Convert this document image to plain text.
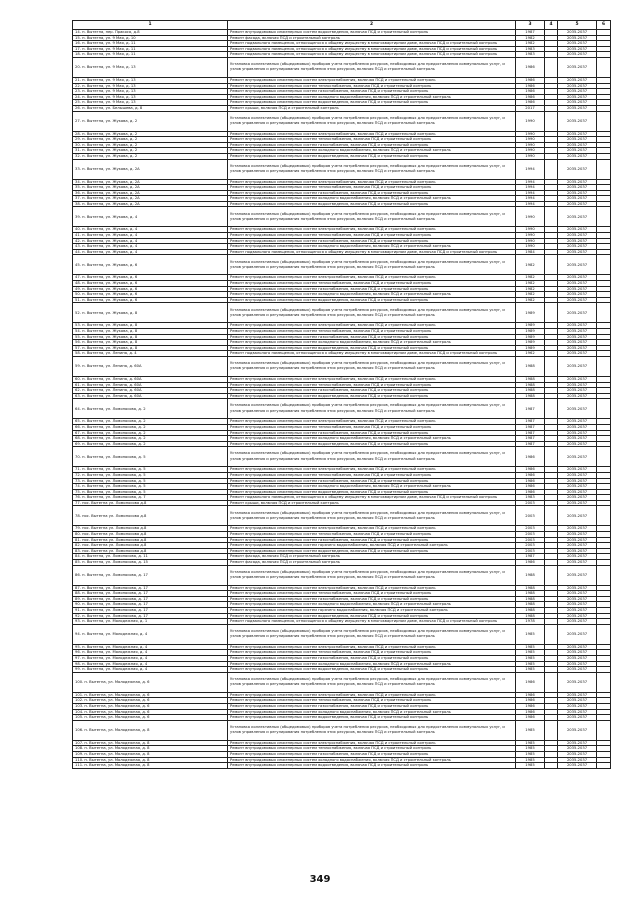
1	2	3	4	5	6
14. п. Вытегна, пер. Пракоса, д.8	Ремонт внутридомовых инженерных систем водоотведения, включая ПСД и строительный контроль	1987		2035-2037	
15. п. Вытегна, ул. 9 Мая, д. 10	Ремонт фасада, включая ПСД и строительный контроль	1982		2035-2037	
16. п. Вытегна, ул. 9 Мая, д. 11	Ремонт подвального помещения, относящегося к общему имуществу в многоквартирном доме, включая ПСД и строительный контроль	1982		2035-2037	
17. п. Вытегна, ул. 9 Мая, д. 11	Ремонт подвального помещения, относящегося к общему имуществу в многоквартирном доме, включая ПСД и строительный контроль	1983		2035-2037	
18. п. Вытегна, ул. 9 Мая, д. 11	Ремонт подвального помещения, относящегося к общему имуществу в многоквартирном доме, включая ПСД и строительный контроль	1983		2035-2037	
20. п. Вытегна, ул. 9 Мая, д. 13	Установка коллективных (общедомовых) приборов учета потребления ресурсов, необходимых для предоставления коммунальных услуг, и узлов управления и регулирования потребления этих ресурсов, включая ПСД и строительный контроль	1986		2035-2037	
21. п. Вытегна, ул. 9 Мая, д. 13	Ремонт внутридомовых инженерных систем электроснабжения, включая ПСД и строительный контроль	1986		2035-2037	
22. п. Вытегна, ул. 9 Мая, д. 13	Ремонт внутридомовых инженерных систем теплоснабжения, включая ПСД и строительный контроль	1986		2035-2037	
23. п. Вытегна, ул. 9 Мая, д. 13	Ремонт внутридомовых инженерных систем газоснабжения, включая ПСД и строительный контроль	1986		2035-2037	
24. п. Вытегна, ул. 9 Мая, д. 13	Ремонт внутридомовых инженерных систем холодного водоснабжения, включая ПСД и строительный контроль	1986		2035-2037	
25. п. Вытегна, ул. 9 Мая, д. 13	Ремонт внутридомовых инженерных систем водоотведения, включая ПСД и строительный контроль	1986		2035-2037	
26. п. Вытегна, ул. Белышева, д. 8	Ремонт крыши, включая ПСД и строительный контроль	2017		2035-2037	
27. п. Вытегна, ул. Жукова, д. 2	Установка коллективных (общедомовых) приборов учета потребления ресурсов, необходимых для предоставления коммунальных услуг, и узлов управления и регулирования потребления этих ресурсов, включая ПСД и строительный контроль	1990		2035-2037	
28. п. Вытегна, ул. Жукова, д. 2	Ремонт внутридомовых инженерных систем электроснабжения, включая ПСД и строительный контроль	1990		2035-2037	
29. п. Вытегна, ул. Жукова, д. 2	Ремонт внутридомовых инженерных систем теплоснабжения, включая ПСД и строительный контроль	1990		2035-2037	
30. п. Вытегна, ул. Жукова, д. 2	Ремонт внутридомовых инженерных систем газоснабжения, включая ПСД и строительный контроль	1990		2035-2037	
31. п. Вытегна, ул. Жукова, д. 2	Ремонт внутридомовых инженерных систем холодного водоснабжения, включая ПСД и строительный контроль	1990		2035-2037	
32. п. Вытегна, ул. Жукова, д. 2	Ремонт внутридомовых инженерных систем водоотведения, включая ПСД и строительный контроль	1990		2035-2037	
33. п. Вытегна, ул. Жукова, д. 2А	Установка коллективных (общедомовых) приборов учета потребления ресурсов, необходимых для предоставления коммунальных услуг, и узлов управления и регулирования потребления этих ресурсов, включая ПСД и строительный контроль	1994		2035-2037	
34. п. Вытегна, ул. Жукова, д. 2А	Ремонт внутридомовых инженерных систем электроснабжения, включая ПСД и строительный контроль	1994		2035-2037	
35. п. Вытегна, ул. Жукова, д. 2А	Ремонт внутридомовых инженерных систем теплоснабжения, включая ПСД и строительный контроль	1994		2035-2037	
36. п. Вытегна, ул. Жукова, д. 2А	Ремонт внутридомовых инженерных систем газоснабжения, включая ПСД и строительный контроль	1994		2035-2037	
37. п. Вытегна, ул. Жукова, д. 2А	Ремонт внутридомовых инженерных систем холодного водоснабжения, включая ПСД и строительный контроль	1994		2035-2037	
38. п. Вытегна, ул. Жукова, д. 2А	Ремонт внутридомовых инженерных систем водоотведения, включая ПСД и строительный контроль	1994		2035-2037	
39. п. Вытегна, ул. Жукова, д. 4	Установка коллективных (общедомовых) приборов учета потребления ресурсов, необходимых для предоставления коммунальных услуг, и узлов управления и регулирования потребления этих ресурсов, включая ПСД и строительный контроль	1990		2035-2037	
40. п. Вытегна, ул. Жукова, д. 4	Ремонт внутридомовых инженерных систем электроснабжения, включая ПСД и строительный контроль	1990		2035-2037	
41. п. Вытегна, ул. Жукова, д. 4	Ремонт внутридомовых инженерных систем теплоснабжения, включая ПСД и строительный контроль	1990		2035-2037	
42. п. Вытегна, ул. Жукова, д. 4	Ремонт внутридомовых инженерных систем газоснабжения, включая ПСД и строительный контроль	1990		2035-2037	
43. п. Вытегна, ул. Жукова, д. 4	Ремонт внутридомовых инженерных систем холодного водоснабжения, включая ПСД и строительный контроль	1990		2035-2037	
44. п. Вытегна, ул. Жукова, д. 4	Ремонт подвального помещения, относящегося к общему имуществу в многоквартирном доме, включая ПСД и строительный контроль	1984		2035-2037	
45. п. Вытегна, ул. Жукова, д. 6	Установка коллективных (общедомовых) приборов учета потребления ресурсов, необходимых для предоставления коммунальных услуг, и узлов управления и регулирования потребления этих ресурсов, включая ПСД и строительный контроль	1982		2035-2037	
47. п. Вытегна, ул. Жукова, д. 6	Ремонт внутридомовых инженерных систем электроснабжения, включая ПСД и строительный контроль	1982		2035-2037	
48. п. Вытегна, ул. Жукова, д. 6	Ремонт внутридомовых инженерных систем теплоснабжения, включая ПСД и строительный контроль	1982		2035-2037	
49. п. Вытегна, ул. Жукова, д. 6	Ремонт внутридомовых инженерных систем газоснабжения, включая ПСД и строительный контроль	1982		2035-2037	
50. п. Вытегна, ул. Жукова, д. 6	Ремонт внутридомовых инженерных систем холодного водоснабжения, включая ПСД и строительный контроль	1982		2035-2037	
51. п. Вытегна, ул. Жукова, д. 6	Ремонт внутридомовых инженерных систем водоотведения, включая ПСД и строительный контроль	1982		2035-2037	
52. п. Вытегна, ул. Жукова, д. 8	Установка коллективных (общедомовых) приборов учета потребления ресурсов, необходимых для предоставления коммунальных услуг, и узлов управления и регулирования потребления этих ресурсов, включая ПСД и строительный контроль	1989		2035-2037	
53. п. Вытегна, ул. Жукова, д. 8	Ремонт внутридомовых инженерных систем электроснабжения, включая ПСД и строительный контроль	1989		2035-2037	
54. п. Вытегна, ул. Жукова, д. 8	Ремонт внутридомовых инженерных систем теплоснабжения, включая ПСД и строительный контроль	1989		2035-2037	
55. п. Вытегна, ул. Жукова, д. 8	Ремонт внутридомовых инженерных систем газоснабжения, включая ПСД и строительный контроль	1989		2035-2037	
56. п. Вытегна, ул. Жукова, д. 8	Ремонт внутридомовых инженерных систем холодного водоснабжения, включая ПСД и строительный контроль	1989		2035-2037	
57. п. Вытегна, ул. Жукова, д. 8	Ремонт внутридомовых инженерных систем водоотведения, включая ПСД и строительный контроль	1989		2035-2037	
58. п. Вытегна, ул. Ленина, д. 4	Ремонт подвального помещения, относящегося к общему имуществу в многоквартирном доме, включая ПСД и строительный контроль	1962		2035-2037	
59. п. Вытегна, ул. Ленина, д. 60А	Установка коллективных (общедомовых) приборов учета потребления ресурсов, необходимых для предоставления коммунальных услуг, и узлов управления и регулирования потребления этих ресурсов, включая ПСД и строительный контроль	1988		2035-2037	
60. п. Вытегна, ул. Ленина, д. 60А	Ремонт внутридомовых инженерных систем электроснабжения, включая ПСД и строительный контроль	1988		2035-2037	
61. п. Вытегна, ул. Ленина, д. 60А	Ремонт внутридомовых инженерных систем теплоснабжения, включая ПСД и строительный контроль	1988		2035-2037	
62. п. Вытегна, ул. Ленина, д. 60А	Ремонт внутридомовых инженерных систем газоснабжения, включая ПСД и строительный контроль	1988		2035-2037	
63. п. Вытегна, ул. Ленина, д. 60А	Ремонт внутридомовых инженерных систем водоотведения, включая ПСД и строительный контроль	1988		2035-2037	
64. п. Вытегна, ул. Ломоносова, д. 2	Установка коллективных (общедомовых) приборов учета потребления ресурсов, необходимых для предоставления коммунальных услуг, и узлов управления и регулирования потребления этих ресурсов, включая ПСД и строительный контроль	1987		2035-2037	
65. п. Вытегна, ул. Ломоносова, д. 2	Ремонт внутридомовых инженерных систем электроснабжения, включая ПСД и строительный контроль	1987		2035-2037	
66. п. Вытегна, ул. Ломоносова, д. 2	Ремонт внутридомовых инженерных систем теплоснабжения, включая ПСД и строительный контроль	1987		2035-2037	
67. п. Вытегна, ул. Ломоносова, д. 2	Ремонт внутридомовых инженерных систем газоснабжения, включая ПСД и строительный контроль	1987		2035-2037	
68. п. Вытегна, ул. Ломоносова, д. 2	Ремонт внутридомовых инженерных систем холодного водоснабжения, включая ПСД и строительный контроль	1987		2035-2037	
69. п. Вытегна, ул. Ломоносова, д. 2	Ремонт внутридомовых инженерных систем водоотведения, включая ПСД и строительный контроль	1987		2035-2037	
70. п. Вытегна, ул. Ломоносова, д. 5	Установка коллективных (общедомовых) приборов учета потребления ресурсов, необходимых для предоставления коммунальных услуг, и узлов управления и регулирования потребления этих ресурсов, включая ПСД и строительный контроль	1986		2035-2037	
71. п. Вытегна, ул. Ломоносова, д. 5	Ремонт внутридомовых инженерных систем электроснабжения, включая ПСД и строительный контроль	1986		2035-2037	
72. п. Вытегна, ул. Ломоносова, д. 5	Ремонт внутридомовых инженерных систем теплоснабжения, включая ПСД и строительный контроль	1986		2035-2037	
73. п. Вытегна, ул. Ломоносова, д. 5	Ремонт внутридомовых инженерных систем газоснабжения, включая ПСД и строительный контроль	1986		2035-2037	
74. п. Вытегна, ул. Ломоносова, д. 5	Ремонт внутридомовых инженерных систем холодного водоснабжения, включая ПСД и строительный контроль	1986		2035-2037	
75. п. Вытегна, ул. Ломоносова, д. 5	Ремонт внутридомовых инженерных систем водоотведения, включая ПСД и строительный контроль	1986		2035-2037	
76. п. Вытегна, ул. Ломоносова, д. 7	Ремонт подвального помещения, относящегося к общему имуществу в многоквартирном доме, включая ПСД и строительный контроль	1983		2035-2037	
77. пос. Вытегна ул. Ломоносова д.8	Ремонт крыши, включая ПСД и строительный контроль	2003		2035-2037	
78. пос. Вытегна ул. Ломоносова д.8	Установка коллективных (общедомовых) приборов учета потребления ресурсов, необходимых для предоставления коммунальных услуг, и узлов управления и регулирования потребления этих ресурсов, включая ПСД и строительный контроль	2003		2035-2037	
79. пос. Вытегна ул. Ломоносова д.8	Ремонт внутридомовых инженерных систем электроснабжения, включая ПСД и строительный контроль	2003		2035-2037	
80. пос. Вытегна ул. Ломоносова д.8	Ремонт внутридомовых инженерных систем теплоснабжения, включая ПСД и строительный контроль	2003		2035-2037	
81. пос. Вытегна ул. Ломоносова д.8	Ремонт внутридомовых инженерных систем газоснабжения, включая ПСД и строительный контроль	2003		2035-2037	
82. пос. Вытегна ул. Ломоносова д.8	Ремонт внутридомовых инженерных систем горячего водоснабжения, включая ПСД и строительный контроль	2003		2035-2037	
83. пос. Вытегна ул. Ломоносова д.8	Ремонт внутридомовых инженерных систем водоотведения, включая ПСД и строительный контроль	2003		2035-2037	
84. п. Вытегна, ул. Ломоносова, д. 11	Ремонт фасада, включая ПСД и строительный контроль	1987		2035-2037	
85. п. Вытегна, ул. Ломоносова, д. 15	Ремонт фасада, включая ПСД и строительный контроль	1986		2035-2037	
86. п. Вытегна, ул. Ломоносова, д. 17	Установка коллективных (общедомовых) приборов учета потребления ресурсов, необходимых для предоставления коммунальных услуг, и узлов управления и регулирования потребления этих ресурсов, включая ПСД и строительный контроль	1988		2035-2037	
87. п. Вытегна, ул. Ломоносова, д. 17	Ремонт внутридомовых инженерных систем электроснабжения, включая ПСД и строительный контроль	1988		2035-2037	
88. п. Вытегна, ул. Ломоносова, д. 17	Ремонт внутридомовых инженерных систем теплоснабжения, включая ПСД и строительный контроль	1988		2035-2037	
89. п. Вытегна, ул. Ломоносова, д. 17	Ремонт внутридомовых инженерных систем газоснабжения, включая ПСД и строительный контроль	1988		2035-2037	
90. п. Вытегна, ул. Ломоносова, д. 17	Ремонт внутридомовых инженерных систем холодного водоснабжения, включая ПСД и строительный контроль	1988		2035-2037	
91. п. Вытегна, ул. Ломоносова, д. 17	Ремонт внутридомовых инженерных систем горячего водоснабжения, включая ПСД и строительный контроль	1988		2035-2037	
92. п. Вытегна, ул. Ломоносова, д. 17	Ремонт внутридомовых инженерных систем водоотведения, включая ПСД и строительный контроль	1988		2035-2037	
93. п. Вытегна, ул. Молодежная, д. 1	Ремонт подвального помещения, относящегося к общему имуществу в многоквартирном доме, включая ПСД и строительный контроль	1978		2035-2037	
94. п. Вытегна, ул. Молодежная, д. 4	Установка коллективных (общедомовых) приборов учета потребления ресурсов, необходимых для предоставления коммунальных услуг, и узлов управления и регулирования потребления этих ресурсов, включая ПСД и строительный контроль	1985		2035-2037	
95. п. Вытегна, ул. Молодежная, д. 4	Ремонт внутридомовых инженерных систем электроснабжения, включая ПСД и строительный контроль	1985		2035-2037	
96. п. Вытегна, ул. Молодежная, д. 4	Ремонт внутридомовых инженерных систем теплоснабжения, включая ПСД и строительный контроль	1985		2035-2037	
97. п. Вытегна, ул. Молодежная, д. 4	Ремонт внутридомовых инженерных систем газоснабжения, включая ПСД и строительный контроль	1985		2035-2037	
98. п. Вытегна, ул. Молодежная, д. 4	Ремонт внутридомовых инженерных систем холодного водоснабжения, включая ПСД и строительный контроль	1985		2035-2037	
99. п. Вытегна, ул. Молодежная, д. 4	Ремонт внутридомовых инженерных систем водоотведения, включая ПСД и строительный контроль	1985		2035-2037	
100. п. Вытегна, ул. Молодежная, д. 6	Установка коллективных (общедомовых) приборов учета потребления ресурсов, необходимых для предоставления коммунальных услуг, и узлов управления и регулирования потребления этих ресурсов, включая ПСД и строительный контроль	1986		2035-2037	
101. п. Вытегна, ул. Молодежная, д. 6	Ремонт внутридомовых инженерных систем электроснабжения, включая ПСД и строительный контроль	1986		2035-2037	
102. п. Вытегна, ул. Молодежная, д. 6	Ремонт внутридомовых инженерных систем теплоснабжения, включая ПСД и строительный контроль	1986		2035-2037	
103. п. Вытегна, ул. Молодежная, д. 6	Ремонт внутридомовых инженерных систем газоснабжения, включая ПСД и строительный контроль	1986		2035-2037	
104. п. Вытегна, ул. Молодежная, д. 6	Ремонт внутридомовых инженерных систем холодного водоснабжения, включая ПСД и строительный контроль	1986		2035-2037	
105. п. Вытегна, ул. Молодежная, д. 6	Ремонт внутридомовых инженерных систем водоотведения, включая ПСД и строительный контроль	1986		2035-2037	
106. п. Вытегна, ул. Молодежная, д. 8	Установка коллективных (общедомовых) приборов учета потребления ресурсов, необходимых для предоставления коммунальных услуг, и узлов управления и регулирования потребления этих ресурсов, включая ПСД и строительный контроль	1985		2035-2037	
107. п. Вытегна, ул. Молодежная, д. 8	Ремонт внутридомовых инженерных систем электроснабжения, включая ПСД и строительный контроль	1985		2035-2037	
108. п. Вытегна, ул. Молодежная, д. 8	Ремонт внутридомовых инженерных систем теплоснабжения, включая ПСД и строительный контроль	1985		2035-2037	
109. п. Вытегна, ул. Молодежная, д. 8	Ремонт внутридомовых инженерных систем газоснабжения, включая ПСД и строительный контроль	1985		2035-2037	
110. п. Вытегна, ул. Молодежная, д. 8	Ремонт внутридомовых инженерных систем холодного водоснабжения, включая ПСД и строительный контроль	1985		2035-2037	
111. п. Вытегна, ул. Молодежная, д. 8	Ремонт внутридомовых инженерных систем водоотведения, включая ПСД и строительный контроль	1985		2035-2037	
349
